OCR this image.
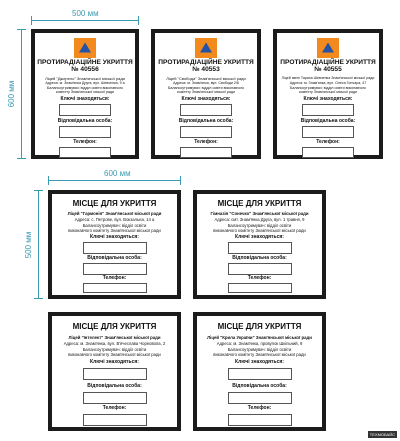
500 мм
600 мм
600 мм
500 мм
ПРОТИРАДІАЦІЙНЕ УКРИТТЯ
№ 40556
Ліцей "Джерело" Знам'янської міської ради
Адреса: м. Знам'янка Друга, вул. Шевченка, 9 а
Балансоутримувач: відділ освіти виконавчого комітету Знам'янської міської ради
Ключі знаходяться:
Відповідальна особа:
Телефон:
ПРОТИРАДІАЦІЙНЕ УКРИТТЯ
№ 40553
Ліцей "Свобода" Знам'янської міської ради
Адреса: м. Знам'янка, вул. Свободи 2/6
Балансоутримувач: відділ освіти виконавчого комітету Знам'янської міської ради
Ключі знаходяться:
Відповідальна особа:
Телефон:
ПРОТИРАДІАЦІЙНЕ УКРИТТЯ
№ 40555
Ліцей імені Тараса Шевченка Знам'янської міської ради
Адреса: м. Знам'янка, вул. Олеся Гончара, 47
Балансоутримувач: відділ освіти виконавчого комітету Знам'янської міської ради
Ключі знаходяться:
Відповідальна особа:
Телефон:
МІСЦЕ ДЛЯ УКРИТТЯ
Ліцей "Гармонія" Знам'янської міської ради
Адреса: с. Петрове, вул. Вокзальна, 14 а
Балансоутримувач: відділ освіти
виконавчого комітету Знам'янської міської ради
Ключі знаходяться:
Відповідальна особа:
Телефон:
МІСЦЕ ДЛЯ УКРИТТЯ
Гімназія "Сонечко" Знам'янської міської ради
Адреса: смт. Знам'янка Друга, вул. 1 травня, 9
Балансоутримувач: відділ освіти
виконавчого комітету Знам'янської міської ради
Ключі знаходяться:
Відповідальна особа:
Телефон:
МІСЦЕ ДЛЯ УКРИТТЯ
Ліцей "Інтелект" Знам'янської міської ради
Адреса: м. Знам'янка, вул. В'ячеслава Чорновола, 2
Балансоутримувач: відділ освіти
виконавчого комітету Знам'янської міської ради
Ключі знаходяться:
Відповідальна особа:
Телефон:
МІСЦЕ ДЛЯ УКРИТТЯ
Ліцей "Крила України" Знам'янської міської ради
Адреса: м. Знам'янка, провулок Шкільний, 9
Балансоутримувач: відділ освіти
виконавчого комітету Знам'янської міської ради
Ключі знаходяться:
Відповідальна особа:
Телефон:
ТЕХМОБАЙС
